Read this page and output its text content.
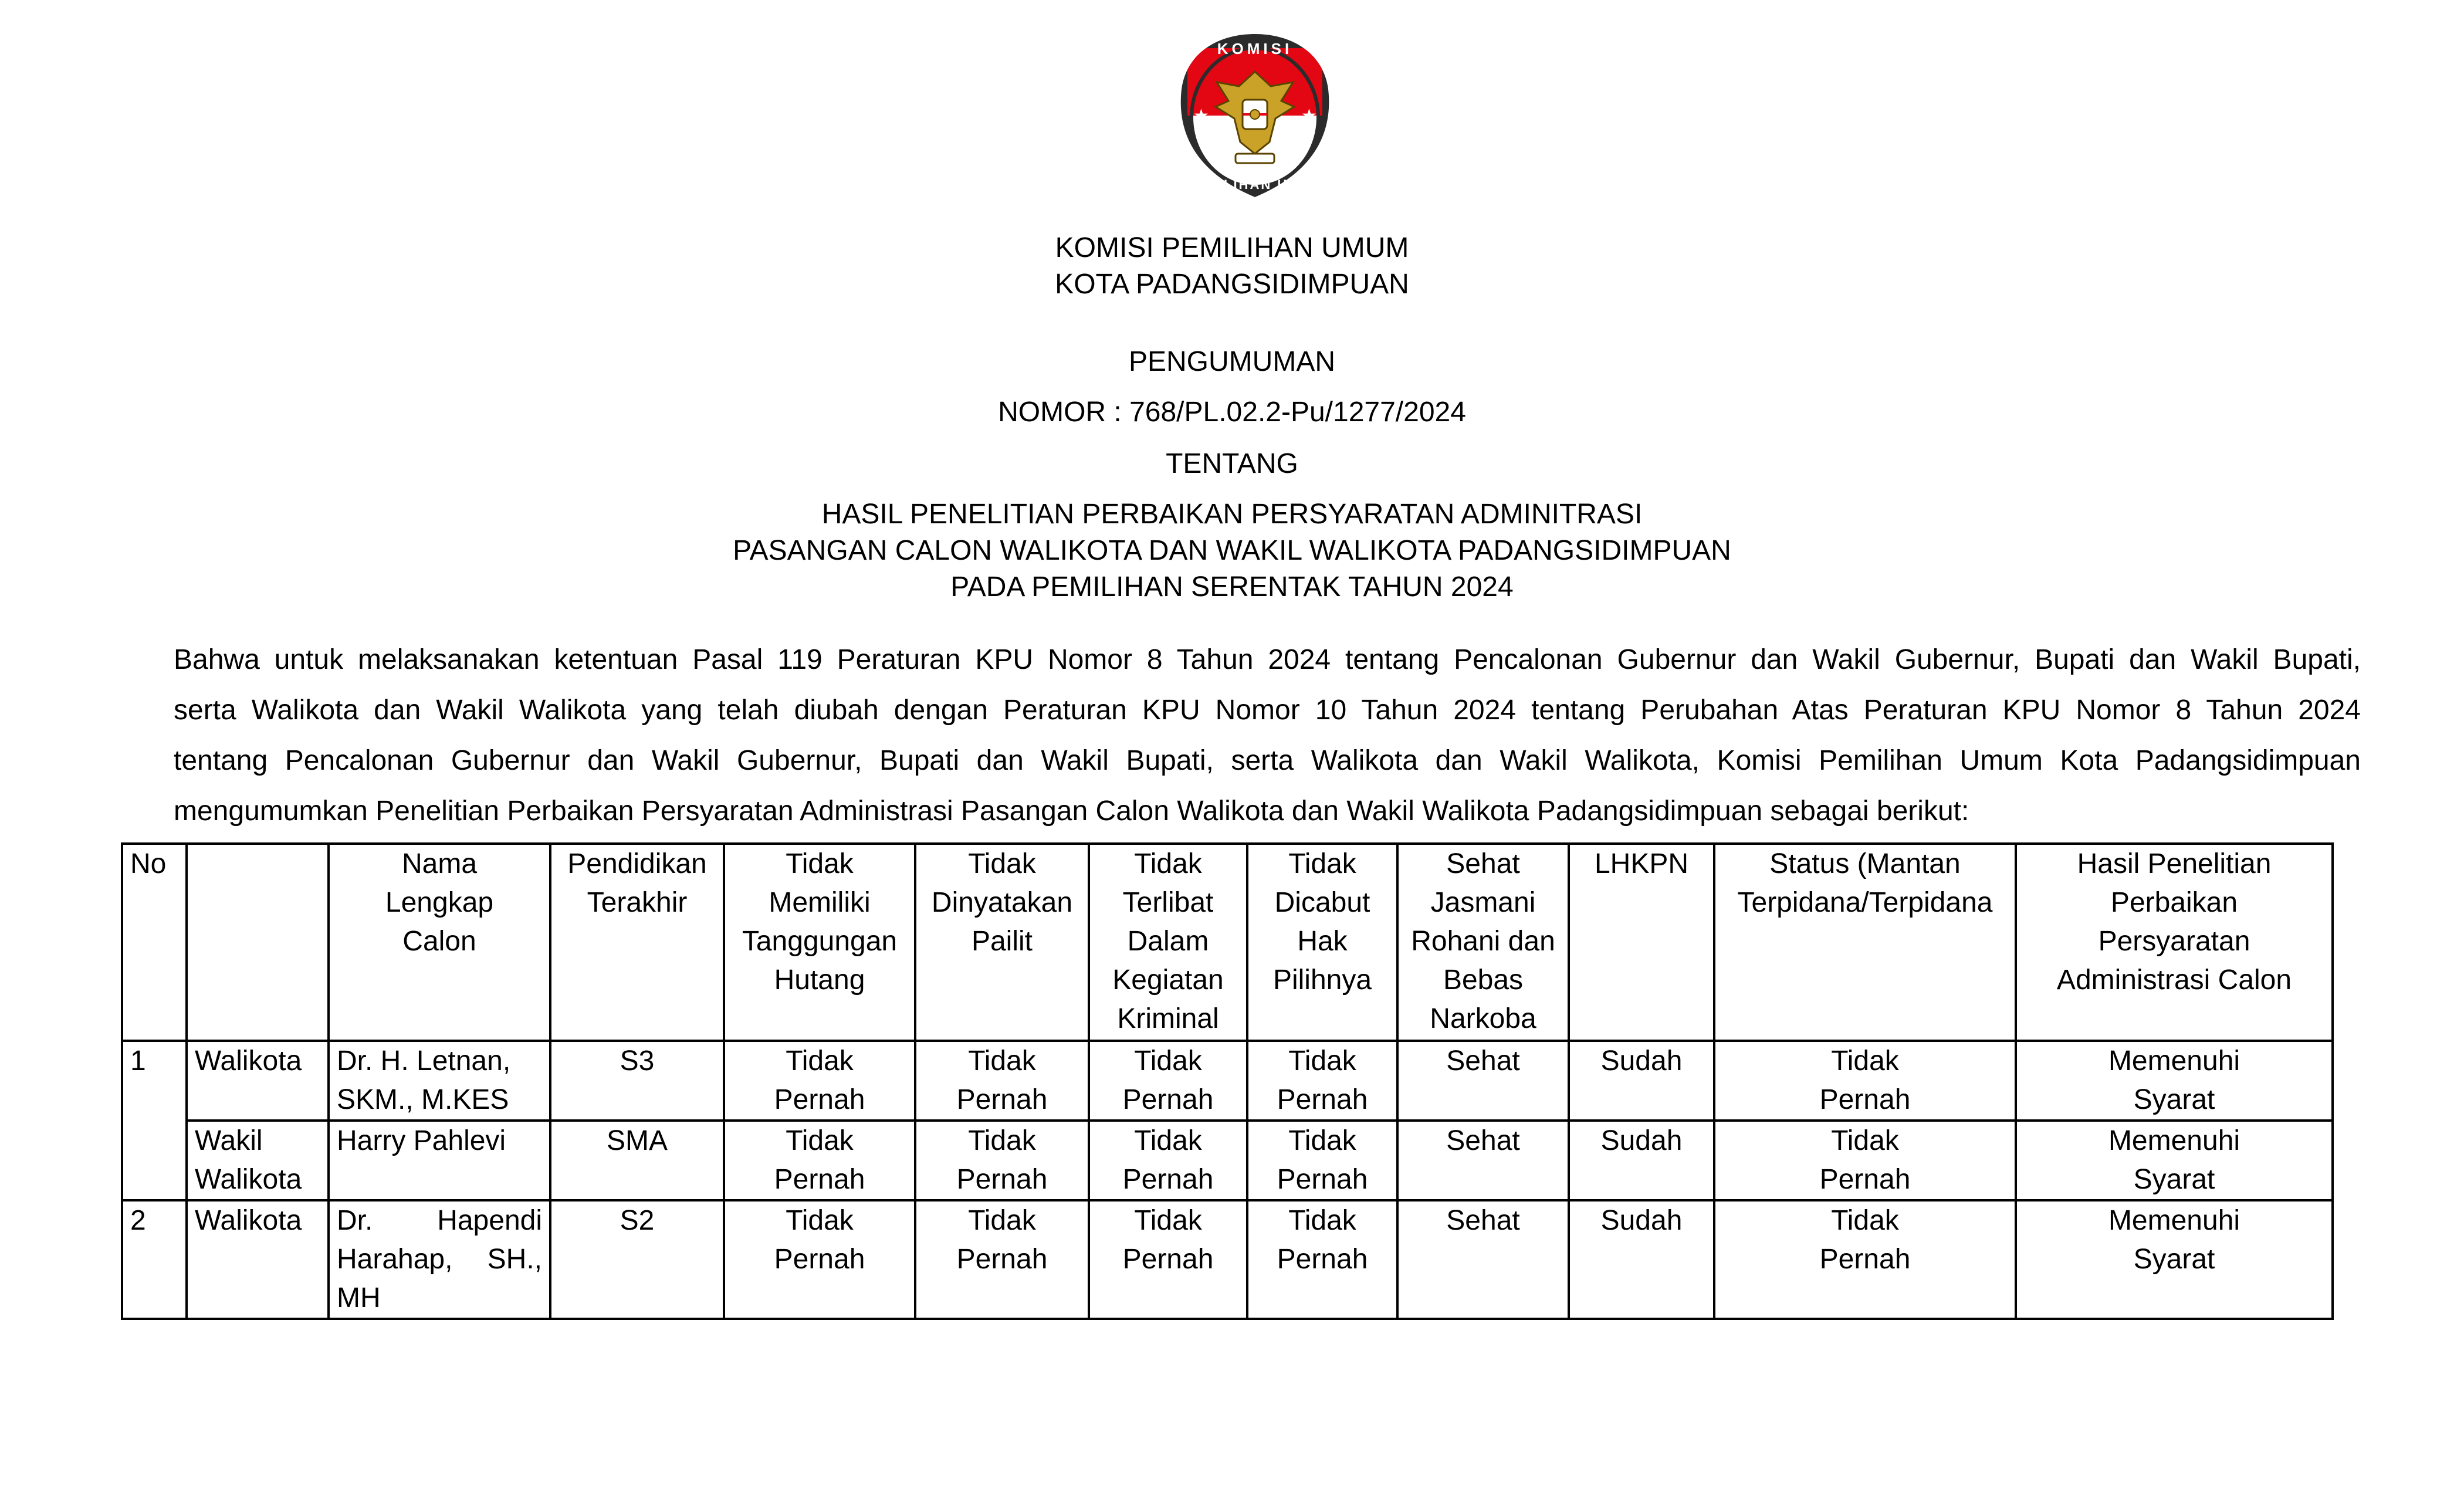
★	★
KOMISI
PEMILIHAN UMUM
KOMISI PEMILIHAN UMUM
KOTA PADANGSIDIMPUAN
PENGUMUMAN
NOMOR : 768/PL.02.2-Pu/1277/2024
TENTANG
HASIL PENELITIAN PERBAIKAN PERSYARATAN ADMINITRASI
PASANGAN CALON WALIKOTA DAN WAKIL WALIKOTA PADANGSIDIMPUAN
PADA PEMILIHAN SERENTAK TAHUN 2024
Bahwa untuk melaksanakan ketentuan Pasal 119 Peraturan KPU Nomor 8 Tahun 2024 tentang Pencalonan Gubernur dan Wakil Gubernur, Bupati dan Wakil Bupati,
serta Walikota dan Wakil Walikota yang telah diubah dengan Peraturan KPU Nomor 10 Tahun 2024 tentang Perubahan Atas Peraturan KPU Nomor 8 Tahun 2024
tentang Pencalonan Gubernur dan Wakil Gubernur, Bupati dan Wakil Bupati, serta Walikota dan Wakil Walikota, Komisi Pemilihan Umum Kota Padangsidimpuan
mengumumkan Penelitian Perbaikan Persyaratan Administrasi Pasangan Calon Walikota dan Wakil Walikota Padangsidimpuan sebagai berikut:
No		Nama Lengkap Calon	Pendidikan Terakhir	Tidak Memiliki Tanggungan Hutang	Tidak Dinyatakan Pailit	Tidak Terlibat Dalam Kegiatan Kriminal	Tidak Dicabut Hak Pilihnya	Sehat Jasmani Rohani dan Bebas Narkoba	LHKPN	Status (Mantan Terpidana/Terpidana	Hasil Penelitian Perbaikan Persyaratan Administrasi Calon
1	Walikota	Dr. H. Letnan, SKM., M.KES	S3	Tidak Pernah	Tidak Pernah	Tidak Pernah	Tidak Pernah	Sehat	Sudah	Tidak Pernah	Memenuhi Syarat
	Wakil Walikota	Harry Pahlevi	SMA	Tidak Pernah	Tidak Pernah	Tidak Pernah	Tidak Pernah	Sehat	Sudah	Tidak Pernah	Memenuhi Syarat
2	Walikota	Dr. Hapendi Harahap, SH., MH	S2	Tidak Pernah	Tidak Pernah	Tidak Pernah	Tidak Pernah	Sehat	Sudah	Tidak Pernah	Memenuhi Syarat
